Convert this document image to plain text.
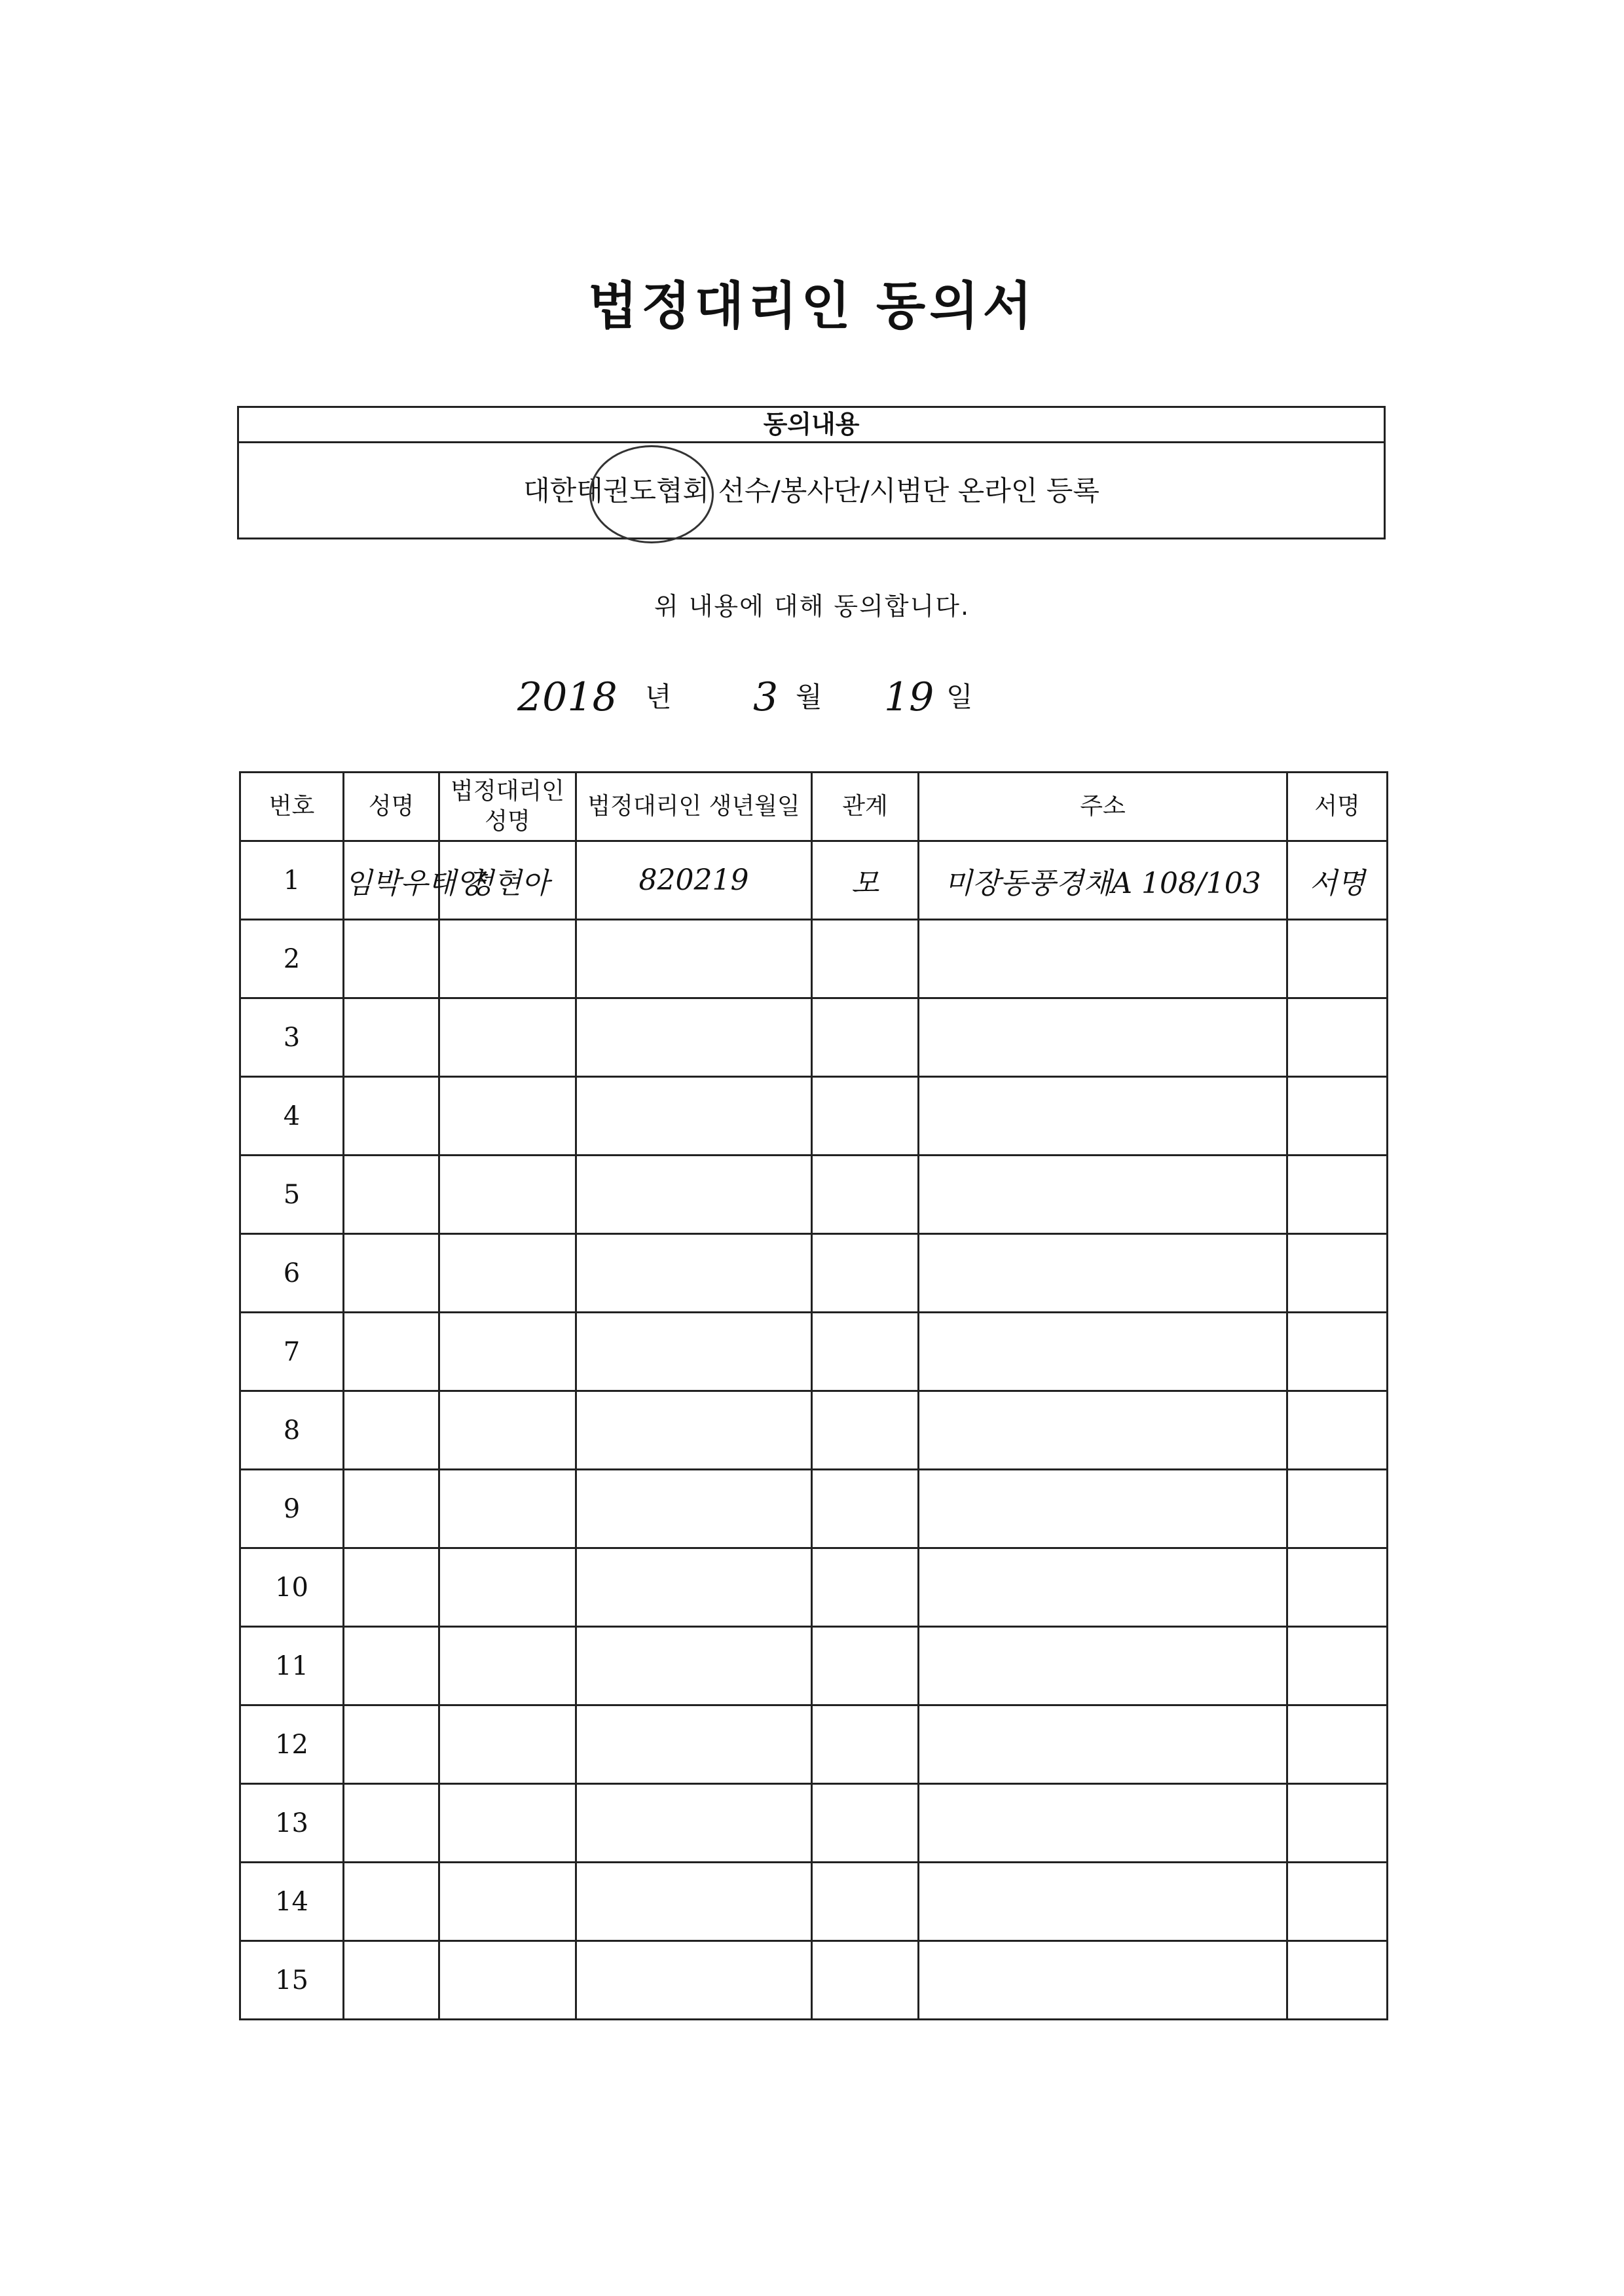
법정대리인 동의서
동의내용
대한태권도협회 선수/봉사단/시범단 온라인 등록
위 내용에 대해 동의합니다.
2018 년 3 월 19 일
번호	성명	법정대리인 성명	법정대리인 생년월일	관계	주소	서명
1	임박우태양	정현아	820219	모	미장동풍경채A 108/103	서명
2						
3						
4						
5						
6						
7						
8						
9						
10						
11						
12						
13						
14						
15						
